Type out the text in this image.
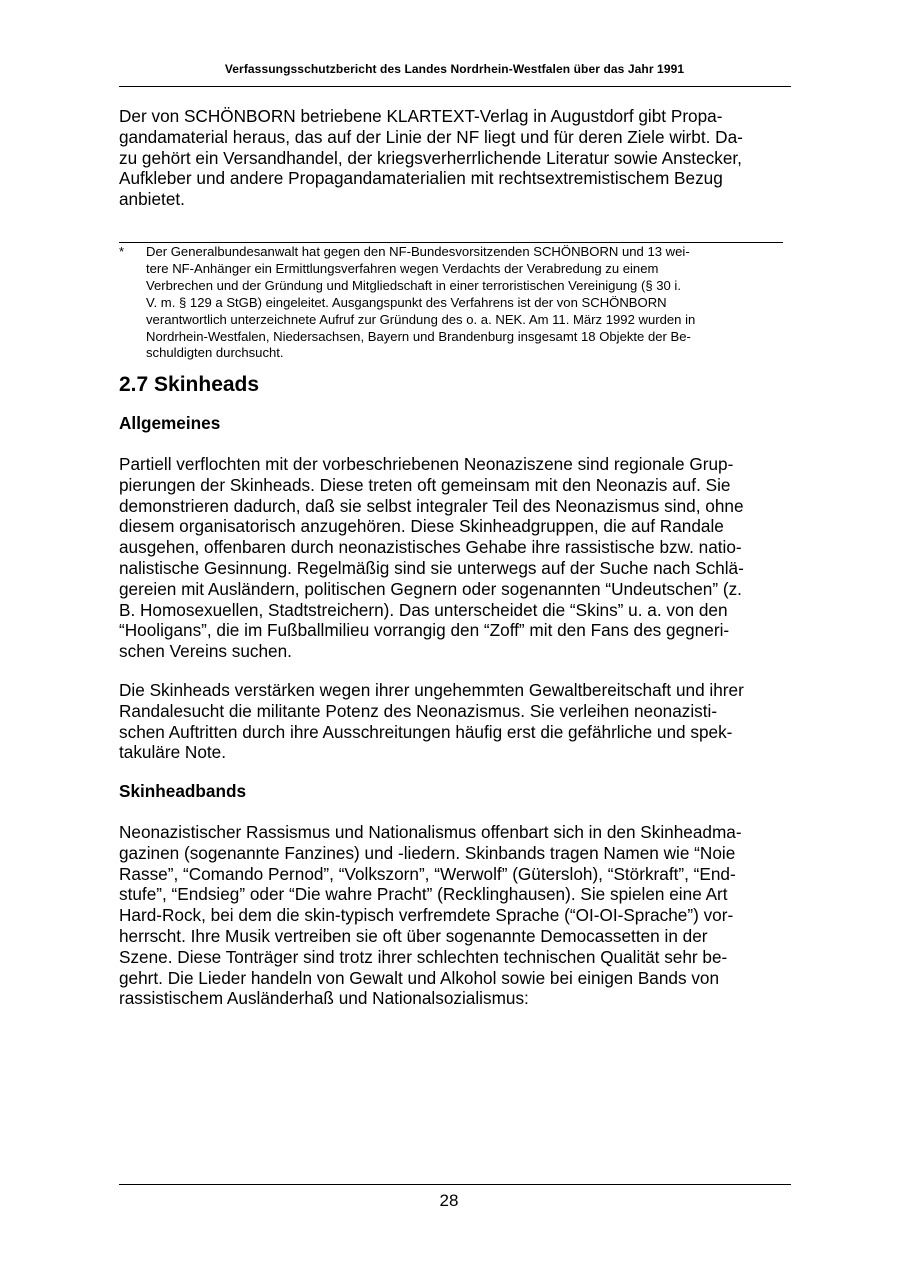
Verfassungsschutzbericht des Landes Nordrhein-Westfalen über das Jahr 1991

Der von SCHÖNBORN betriebene KLARTEXT-Verlag in Augustdorf gibt Propa-
gandamaterial heraus, das auf der Linie der NF liegt und für deren Ziele wirbt. Da-
zu gehört ein Versandhandel, der kriegsverherrlichende Literatur sowie Anstecker,
Aufkleber und andere Propagandamaterialien mit rechtsextremistischem Bezug
anbietet.

* Der Generalbundesanwalt hat gegen den NF-Bundesvorsitzenden SCHÖNBORN und 13 wei-
tere NF-Anhänger ein Ermittlungsverfahren wegen Verdachts der Verabredung zu einem
Verbrechen und der Gründung und Mitgliedschaft in einer terroristischen Vereinigung (§ 30 i.
V. m. § 129 a StGB) eingeleitet. Ausgangspunkt des Verfahrens ist der von SCHÖNBORN
verantwortlich unterzeichnete Aufruf zur Gründung des o. a. NEK. Am 11. März 1992 wurden in
Nordrhein-Westfalen, Niedersachsen, Bayern und Brandenburg insgesamt 18 Objekte der Be-
schuldigten durchsucht.
2.7 Skinheads
Allgemeines

Partiell verflochten mit der vorbeschriebenen Neonaziszene sind regionale Grup-
pierungen der Skinheads. Diese treten oft gemeinsam mit den Neonazis auf. Sie
demonstrieren dadurch, daß sie selbst integraler Teil des Neonazismus sind, ohne
diesem organisatorisch anzugehören. Diese Skinheadgruppen, die auf Randale
ausgehen, offenbaren durch neonazistisches Gehabe ihre rassistische bzw. natio-
nalistische Gesinnung. Regelmäßig sind sie unterwegs auf der Suche nach Schlä-
gereien mit Ausländern, politischen Gegnern oder sogenannten “Undeutschen” (z.
B. Homosexuellen, Stadtstreichern). Das unterscheidet die “Skins” u. a. von den
“Hooligans”, die im Fußballmilieu vorrangig den “Zoff” mit den Fans des gegneri-
schen Vereins suchen.

Die Skinheads verstärken wegen ihrer ungehemmten Gewaltbereitschaft und ihrer
Randalesucht die militante Potenz des Neonazismus. Sie verleihen neonazisti-
schen Auftritten durch ihre Ausschreitungen häufig erst die gefährliche und spek-
takuläre Note.

Skinheadbands

Neonazistischer Rassismus und Nationalismus offenbart sich in den Skinheadma-
gazinen (sogenannte Fanzines) und -liedern. Skinbands tragen Namen wie “Noie
Rasse”, “Comando Pernod”, “Volkszorn”, “Werwolf” (Gütersloh), “Störkraft”, “End-
stufe”, “Endsieg” oder “Die wahre Pracht” (Recklinghausen). Sie spielen eine Art
Hard-Rock, bei dem die skin-typisch verfremdete Sprache (“OI-OI-Sprache”) vor-
herrscht. Ihre Musik vertreiben sie oft über sogenannte Democassetten in der
Szene. Diese Tonträger sind trotz ihrer schlechten technischen Qualität sehr be-
gehrt. Die Lieder handeln von Gewalt und Alkohol sowie bei einigen Bands von
rassistischem Ausländerhaß und Nationalsozialismus:

28
